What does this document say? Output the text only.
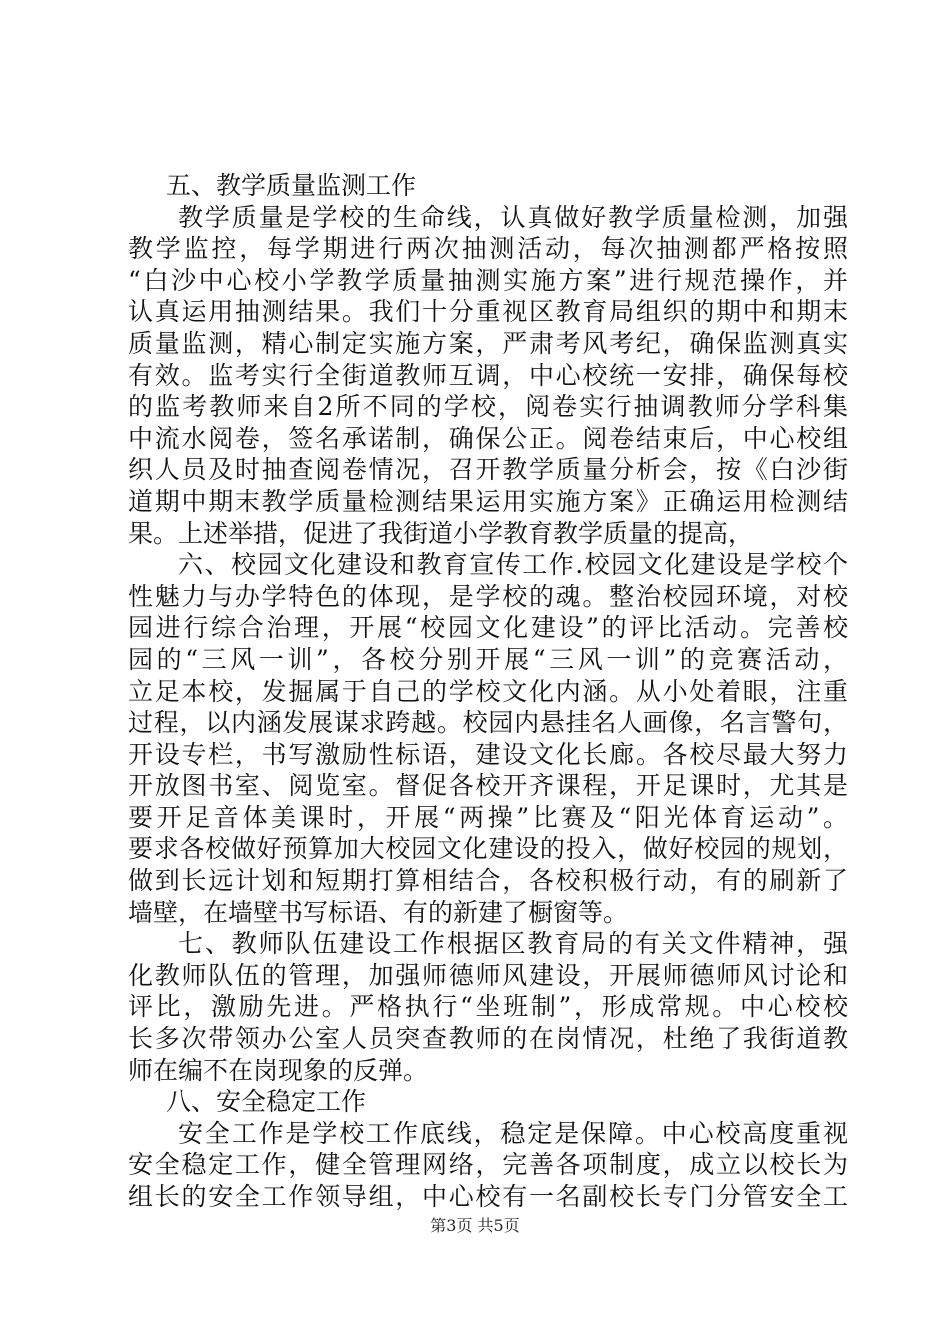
五、教学质量监测工作
教学质量是学校的生命线，认真做好教学质量检测，加强
教学监控，每学期进行两次抽测活动，每次抽测都严格按照
“白沙中心校小学教学质量抽测实施方案”进行规范操作，并
认真运用抽测结果。我们十分重视区教育局组织的期中和期末
质量监测，精心制定实施方案，严肃考风考纪，确保监测真实
有效。监考实行全街道教师互调，中心校统一安排，确保每校
的监考教师来自2所不同的学校，阅卷实行抽调教师分学科集
中流水阅卷，签名承诺制，确保公正。阅卷结束后，中心校组
织人员及时抽查阅卷情况，召开教学质量分析会，按《白沙街
道期中期末教学质量检测结果运用实施方案》正确运用检测结
果。上述举措，促进了我街道小学教育教学质量的提高，
六、校园文化建设和教育宣传工作.校园文化建设是学校个
性魅力与办学特色的体现，是学校的魂。整治校园环境，对校
园进行综合治理，开展“校园文化建设”的评比活动。完善校
园的“三风一训”，各校分别开展“三风一训”的竞赛活动，
立足本校，发掘属于自己的学校文化内涵。从小处着眼，注重
过程，以内涵发展谋求跨越。校园内悬挂名人画像，名言警句，
开设专栏，书写激励性标语，建设文化长廊。各校尽最大努力
开放图书室、阅览室。督促各校开齐课程，开足课时，尤其是
要开足音体美课时，开展“两操”比赛及“阳光体育运动”。
要求各校做好预算加大校园文化建设的投入，做好校园的规划，
做到长远计划和短期打算相结合，各校积极行动，有的刷新了
墙壁，在墙壁书写标语、有的新建了橱窗等。
七、教师队伍建设工作根据区教育局的有关文件精神，强
化教师队伍的管理，加强师德师风建设，开展师德师风讨论和
评比，激励先进。严格执行“坐班制”，形成常规。中心校校
长多次带领办公室人员突查教师的在岗情况，杜绝了我街道教
师在编不在岗现象的反弹。
八、安全稳定工作
安全工作是学校工作底线，稳定是保障。中心校高度重视
安全稳定工作，健全管理网络，完善各项制度，成立以校长为
组长的安全工作领导组，中心校有一名副校长专门分管安全工
第3页 共5页
